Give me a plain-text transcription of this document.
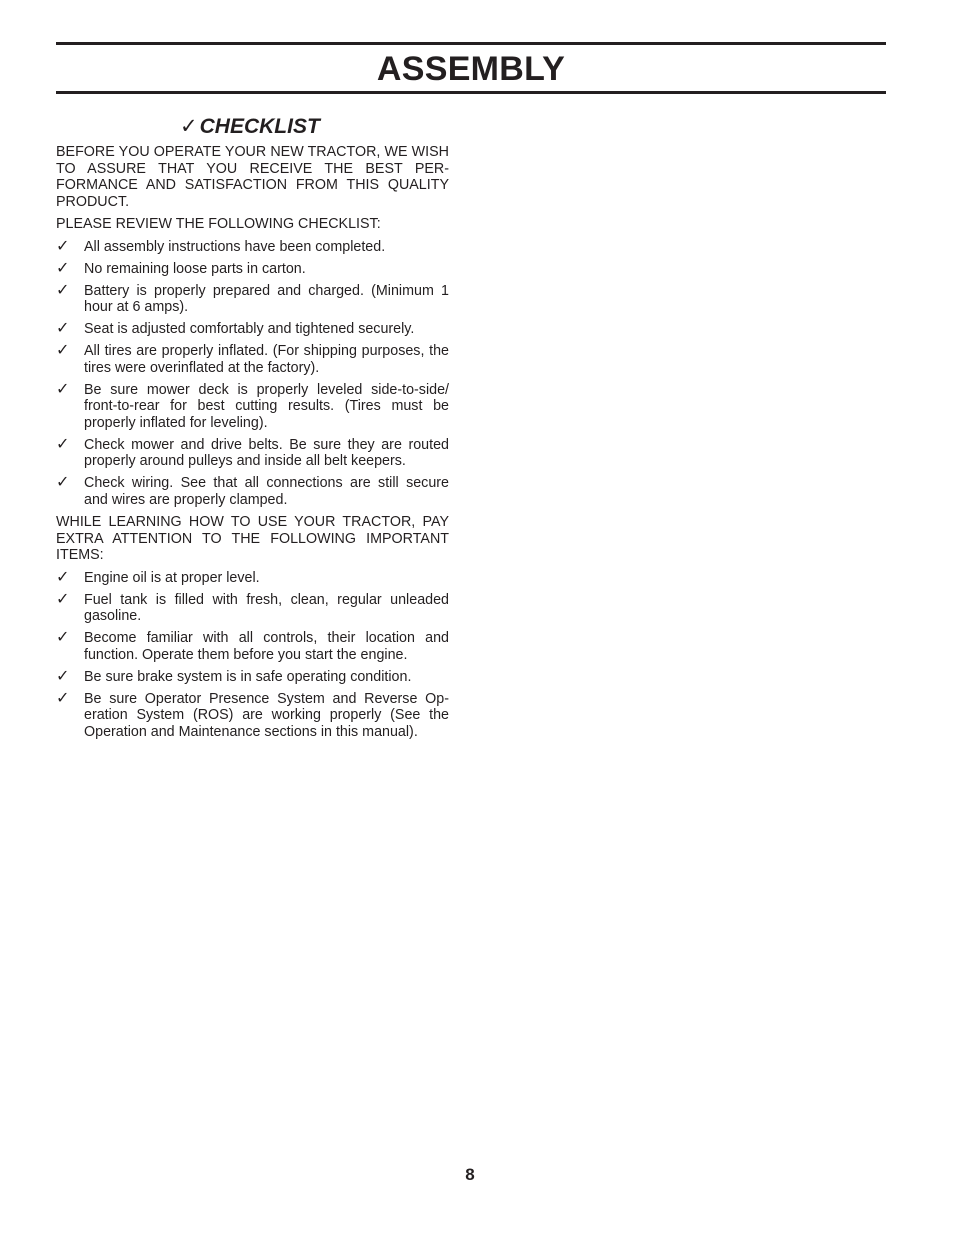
ASSEMBLY
✓CHECKLIST

BEFORE YOU OPERATE YOUR NEW TRACTOR, WE WISH TO ASSURE THAT YOU RECEIVE THE BEST PER-FORMANCE AND SATISFACTION FROM THIS QUALITY PRODUCT.

PLEASE REVIEW THE FOLLOWING CHECKLIST:

✓ All assembly instructions have been completed.
✓ No remaining loose parts in carton.
✓ Battery is properly prepared and charged. (Minimum 1 hour at 6 amps).
✓ Seat is adjusted comfortably and tightened securely.
✓ All tires are properly inflated. (For shipping purposes, the tires were overinflated at the factory).
✓ Be sure mower deck is properly leveled side-to-side/ front-to-rear for best cutting results. (Tires must be properly inflated for leveling).
✓ Check mower and drive belts. Be sure they are routed properly around pulleys and inside all belt keepers.
✓ Check wiring. See that all connections are still secure and wires are properly clamped.

WHILE LEARNING HOW TO USE YOUR TRACTOR, PAY EXTRA ATTENTION TO THE FOLLOWING IMPORTANT ITEMS:

✓ Engine oil is at proper level.
✓ Fuel tank is filled with fresh, clean, regular unleaded gasoline.
✓ Become familiar with all controls, their location and function. Operate them before you start the engine.
✓ Be sure brake system is in safe operating condition.
✓ Be sure Operator Presence System and Reverse Op-eration System (ROS) are working properly (See the Operation and Maintenance sections in this manual).
8
